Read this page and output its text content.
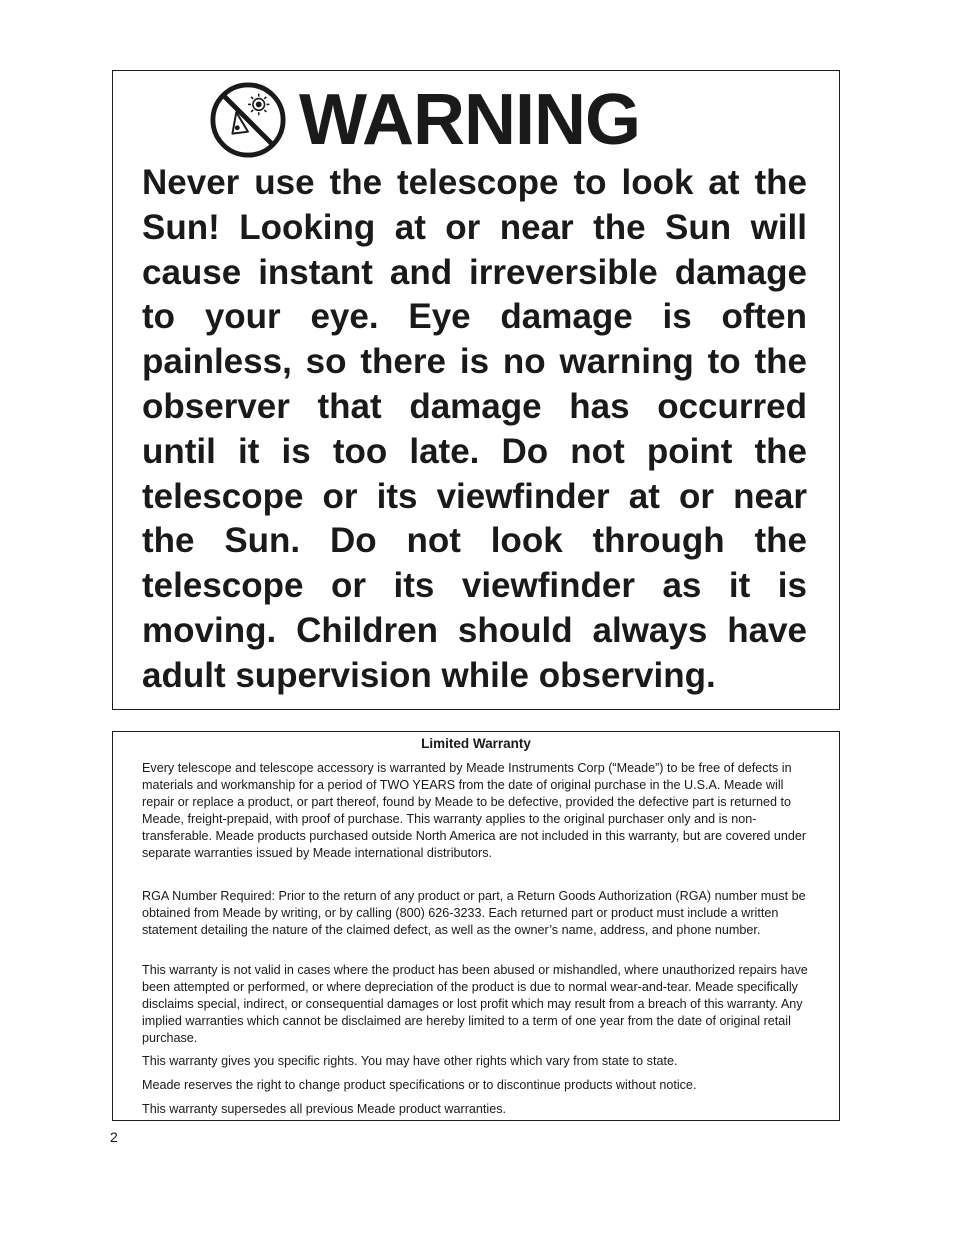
WARNING

Never use the telescope to look at the Sun! Looking at or near the Sun will cause instant and irreversible damage to your eye. Eye damage is often painless, so there is no warning to the observer that damage has occurred until it is too late. Do not point the telescope or its viewfinder at or near the Sun. Do not look through the telescope or its viewfinder as it is moving. Children should always have adult supervision while observing.

Limited Warranty

Every telescope and telescope accessory is warranted by Meade Instruments Corp (“Meade”) to be free of defects in materials and workmanship for a period of TWO YEARS from the date of original purchase in the U.S.A. Meade will repair or replace a product, or part thereof, found by Meade to be defective, provided the defective part is returned to Meade, freight-prepaid, with proof of purchase. This warranty applies to the original purchaser only and is non-transferable. Meade products purchased outside North America are not included in this warranty, but are covered under separate warranties issued by Meade international distributors.

RGA Number Required: Prior to the return of any product or part, a Return Goods Authorization (RGA) number must be obtained from Meade by writing, or by calling (800) 626-3233. Each returned part or product must include a written statement detailing the nature of the claimed defect, as well as the owner’s name, address, and phone number.

This warranty is not valid in cases where the product has been abused or mishandled, where unauthorized repairs have been attempted or performed, or where depreciation of the product is due to normal wear-and-tear. Meade specifically disclaims special, indirect, or consequential damages or lost profit which may result from a breach of this warranty. Any implied warranties which cannot be disclaimed are hereby limited to a term of one year from the date of original retail purchase.

This warranty gives you specific rights. You may have other rights which vary from state to state.

Meade reserves the right to change product specifications or to discontinue products without notice.

This warranty supersedes all previous Meade product warranties.

2
